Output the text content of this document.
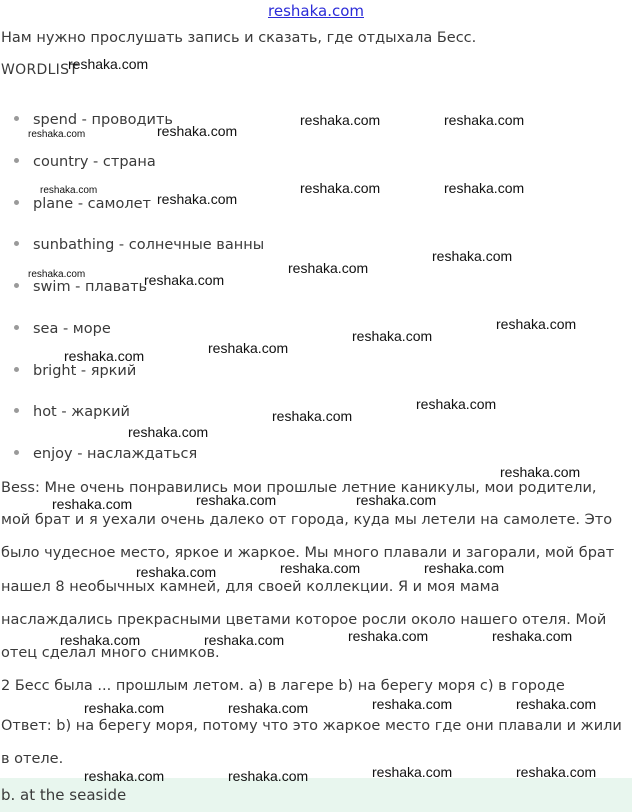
reshaka.com
Нам нужно прослушать запись и сказать, где отдыхала Бесс.
WORDLIST
spend - проводить
country - страна
plane - самолет
sunbathing - солнечные ванны
swim - плавать
sea - море
bright - яркий
hot - жаркий
enjoy - наслаждаться
Bess: Мне очень понравились мои прошлые летние каникулы, мои родители,
мой брат и я уехали очень далеко от города, куда мы летели на самолете. Это
было чудесное место, яркое и жаркое. Мы много плавали и загорали, мой брат
нашел 8 необычных камней, для своей коллекции. Я и моя мама
наслаждались прекрасными цветами которое росли около нашего отеля. Мой
отец сделал много снимков.
2 Бесс была ... прошлым летом. а) в лагере b) на берегу моря с) в городе
Ответ: b) на берегу моря, потому что это жаркое место где они плавали и жили
в отеле.
b. at the seaside
reshaka.com
reshaka.com	reshaka.com
reshaka.com	reshaka.com
reshaka.com
reshaka.com
reshaka.com	reshaka.com
reshaka.com
reshaka.com
reshaka.com	reshaka.com
reshaka.com
reshaka.com
reshaka.com
reshaka.com
reshaka.com
reshaka.com
reshaka.com
reshaka.com
reshaka.com	reshaka.com	reshaka.com
reshaka.com	reshaka.com	reshaka.com
reshaka.com	reshaka.com	reshaka.com	reshaka.com
reshaka.com	reshaka.com	reshaka.com	reshaka.com
reshaka.com	reshaka.com	reshaka.com	reshaka.com
